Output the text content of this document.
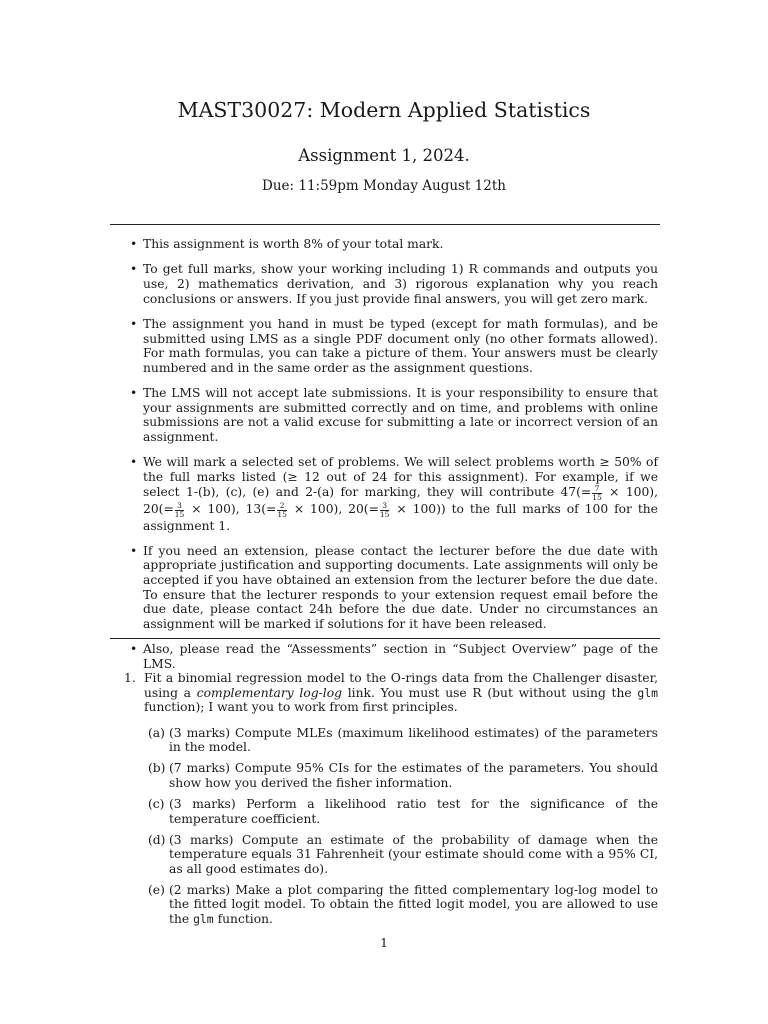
MAST30027: Modern Applied Statistics
Assignment 1, 2024.
Due: 11:59pm Monday August 12th
• This assignment is worth 8% of your total mark.
• To get full marks, show your working including 1) R commands and outputs you use, 2) mathematics derivation, and 3) rigorous explanation why you reach conclusions or answers. If you just provide final answers, you will get zero mark.
• The assignment you hand in must be typed (except for math formulas), and be submitted using LMS as a single PDF document only (no other formats allowed). For math formulas, you can take a picture of them. Your answers must be clearly numbered and in the same order as the assignment questions.
• The LMS will not accept late submissions. It is your responsibility to ensure that your assignments are submitted correctly and on time, and problems with online submissions are not a valid excuse for submitting a late or incorrect version of an assignment.
• We will mark a selected set of problems. We will select problems worth ≥ 50% of the full marks listed (≥ 12 out of 24 for this assignment). For example, if we select 1-(b), (c), (e) and 2-(a) for marking, they will contribute $47(= \frac{7}{15} \times 100)$, $20(= \frac{3}{15} \times 100)$, $13(= \frac{2}{15} \times 100)$, $20(= \frac{3}{15} \times 100)$) to the full marks of 100 for the assignment 1.
• If you need an extension, please contact the lecturer before the due date with appropriate justification and supporting documents. Late assignments will only be accepted if you have obtained an extension from the lecturer before the due date. To ensure that the lecturer responds to your extension request email before the due date, please contact 24h before the due date. Under no circumstances an assignment will be marked if solutions for it have been released.
• Also, please read the “Assessments” section in “Subject Overview” page of the LMS.
1. Fit a binomial regression model to the O-rings data from the Challenger disaster, using a complementary log-log link. You must use R (but without using the glm function); I want you to work from first principles.
(a) (3 marks) Compute MLEs (maximum likelihood estimates) of the parameters in the model.
(b) (7 marks) Compute 95% CIs for the estimates of the parameters. You should show how you derived the fisher information.
(c) (3 marks) Perform a likelihood ratio test for the significance of the temperature coefficient.
(d) (3 marks) Compute an estimate of the probability of damage when the temperature equals 31 Fahrenheit (your estimate should come with a 95% CI, as all good estimates do).
(e) (2 marks) Make a plot comparing the fitted complementary log-log model to the fitted logit model. To obtain the fitted logit model, you are allowed to use the glm function.
1
